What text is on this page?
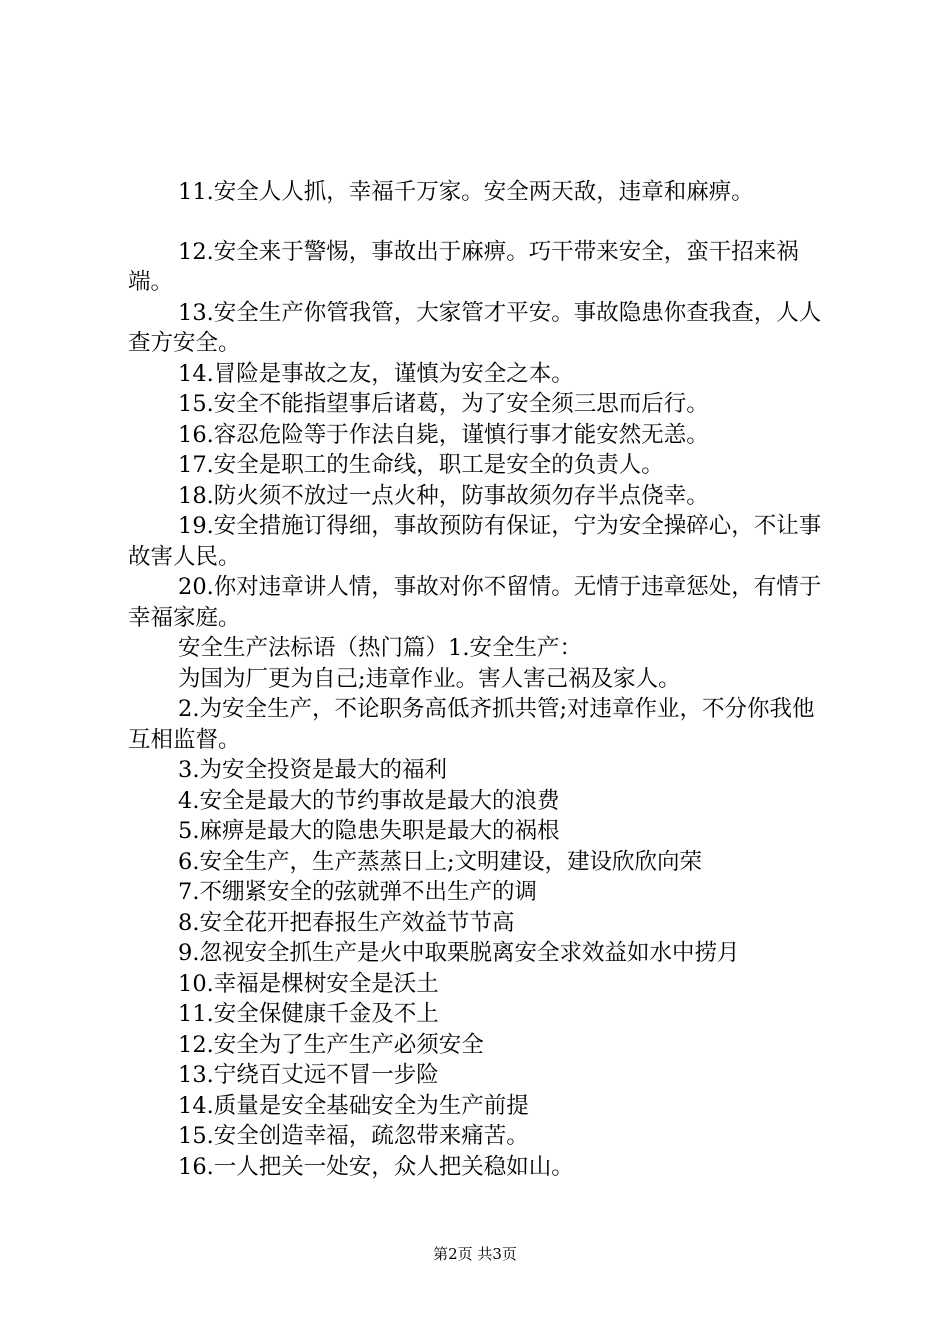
11.安全人人抓，幸福千万家。安全两天敌，违章和麻痹。

12.安全来于警惕，事故出于麻痹。巧干带来安全，蛮干招来祸端。

13.安全生产你管我管，大家管才平安。事故隐患你查我查，人人查方安全。

14.冒险是事故之友，谨慎为安全之本。

15.安全不能指望事后诸葛，为了安全须三思而后行。

16.容忍危险等于作法自毙，谨慎行事才能安然无恙。

17.安全是职工的生命线，职工是安全的负责人。

18.防火须不放过一点火种，防事故须勿存半点侥幸。

19.安全措施订得细，事故预防有保证，宁为安全操碎心，不让事故害人民。

20.你对违章讲人情，事故对你不留情。无情于违章惩处，有情于幸福家庭。

安全生产法标语（热门篇）1.安全生产：

为国为厂更为自己;违章作业。害人害己祸及家人。

2.为安全生产，不论职务高低齐抓共管;对违章作业，不分你我他互相监督。

3.为安全投资是最大的福利

4.安全是最大的节约事故是最大的浪费

5.麻痹是最大的隐患失职是最大的祸根

6.安全生产，生产蒸蒸日上;文明建设，建设欣欣向荣

7.不绷紧安全的弦就弹不出生产的调

8.安全花开把春报生产效益节节高

9.忽视安全抓生产是火中取栗脱离安全求效益如水中捞月

10.幸福是棵树安全是沃土

11.安全保健康千金及不上

12.安全为了生产生产必须安全

13.宁绕百丈远不冒一步险

14.质量是安全基础安全为生产前提

15.安全创造幸福，疏忽带来痛苦。

16.一人把关一处安，众人把关稳如山。

第2页 共3页
